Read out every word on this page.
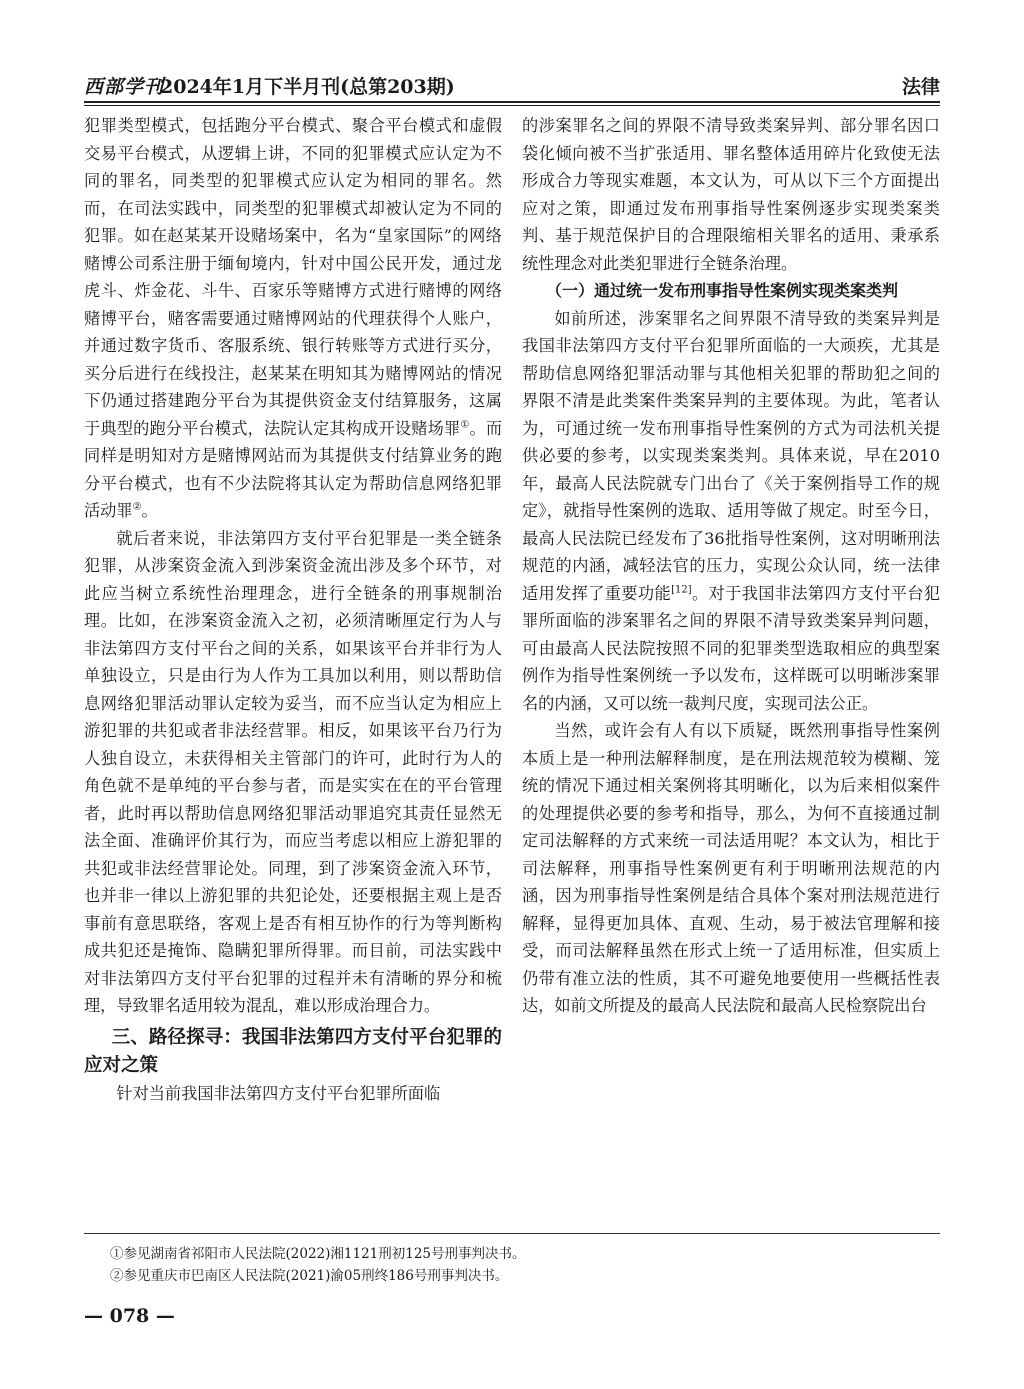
西部学刊
2024年1月下半月刊(总第203期)	法律

犯罪类型模式，包括跑分平台模式、聚合平台模式和虚假交易平台模式，从逻辑上讲，不同的犯罪模式应认定为不同的罪名，同类型的犯罪模式应认定为相同的罪名。然而，在司法实践中，同类型的犯罪模式却被认定为不同的犯罪。如在赵某某开设赌场案中，名为“皇家国际”的网络赌博公司系注册于缅甸境内，针对中国公民开发，通过龙虎斗、炸金花、斗牛、百家乐等赌博方式进行赌博的网络赌博平台，赌客需要通过赌博网站的代理获得个人账户，并通过数字货币、客服系统、银行转账等方式进行买分，买分后进行在线投注，赵某某在明知其为赌博网站的情况下仍通过搭建跑分平台为其提供资金支付结算服务，这属于典型的跑分平台模式，法院认定其构成开设赌场罪①。而同样是明知对方是赌博网站而为其提供支付结算业务的跑分平台模式，也有不少法院将其认定为帮助信息网络犯罪活动罪②。

就后者来说，非法第四方支付平台犯罪是一类全链条犯罪，从涉案资金流入到涉案资金流出涉及多个环节，对此应当树立系统性治理理念，进行全链条的刑事规制治理。比如，在涉案资金流入之初，必须清晰厘定行为人与非法第四方支付平台之间的关系，如果该平台并非行为人单独设立，只是由行为人作为工具加以利用，则以帮助信息网络犯罪活动罪认定较为妥当，而不应当认定为相应上游犯罪的共犯或者非法经营罪。相反，如果该平台乃行为人独自设立，未获得相关主管部门的许可，此时行为人的角色就不是单纯的平台参与者，而是实实在在的平台管理者，此时再以帮助信息网络犯罪活动罪追究其责任显然无法全面、准确评价其行为，而应当考虑以相应上游犯罪的共犯或非法经营罪论处。同理，到了涉案资金流入环节，也并非一律以上游犯罪的共犯论处，还要根据主观上是否事前有意思联络，客观上是否有相互协作的行为等判断构成共犯还是掩饰、隐瞒犯罪所得罪。而目前，司法实践中对非法第四方支付平台犯罪的过程并未有清晰的界分和梳理，导致罪名适用较为混乱，难以形成治理合力。

三、路径探寻：我国非法第四方支付平台犯罪的应对之策

针对当前我国非法第四方支付平台犯罪所面临

的涉案罪名之间的界限不清导致类案异判、部分罪名因口袋化倾向被不当扩张适用、罪名整体适用碎片化致使无法形成合力等现实难题，本文认为，可从以下三个方面提出应对之策，即通过发布刑事指导性案例逐步实现类案类判、基于规范保护目的合理限缩相关罪名的适用、秉承系统性理念对此类犯罪进行全链条治理。

（一）通过统一发布刑事指导性案例实现类案类判

如前所述，涉案罪名之间界限不清导致的类案异判是我国非法第四方支付平台犯罪所面临的一大顽疾，尤其是帮助信息网络犯罪活动罪与其他相关犯罪的帮助犯之间的界限不清是此类案件类案异判的主要体现。为此，笔者认为，可通过统一发布刑事指导性案例的方式为司法机关提供必要的参考，以实现类案类判。具体来说，早在2010年，最高人民法院就专门出台了《关于案例指导工作的规定》，就指导性案例的选取、适用等做了规定。时至今日，最高人民法院已经发布了36批指导性案例，这对明晰刑法规范的内涵，减轻法官的压力，实现公众认同，统一法律适用发挥了重要功能[12]。对于我国非法第四方支付平台犯罪所面临的涉案罪名之间的界限不清导致类案异判问题，可由最高人民法院按照不同的犯罪类型选取相应的典型案例作为指导性案例统一予以发布，这样既可以明晰涉案罪名的内涵，又可以统一裁判尺度，实现司法公正。

当然，或许会有人有以下质疑，既然刑事指导性案例本质上是一种刑法解释制度，是在刑法规范较为模糊、笼统的情况下通过相关案例将其明晰化，以为后来相似案件的处理提供必要的参考和指导，那么，为何不直接通过制定司法解释的方式来统一司法适用呢？本文认为，相比于司法解释，刑事指导性案例更有利于明晰刑法规范的内涵，因为刑事指导性案例是结合具体个案对刑法规范进行解释，显得更加具体、直观、生动，易于被法官理解和接受，而司法解释虽然在形式上统一了适用标准，但实质上仍带有准立法的性质，其不可避免地要使用一些概括性表达，如前文所提及的最高人民法院和最高人民检察院出台

①参见湖南省祁阳市人民法院(2022)湘1121刑初125号刑事判决书。
②参见重庆市巴南区人民法院(2021)渝05刑终186号刑事判决书。
— 078 —
